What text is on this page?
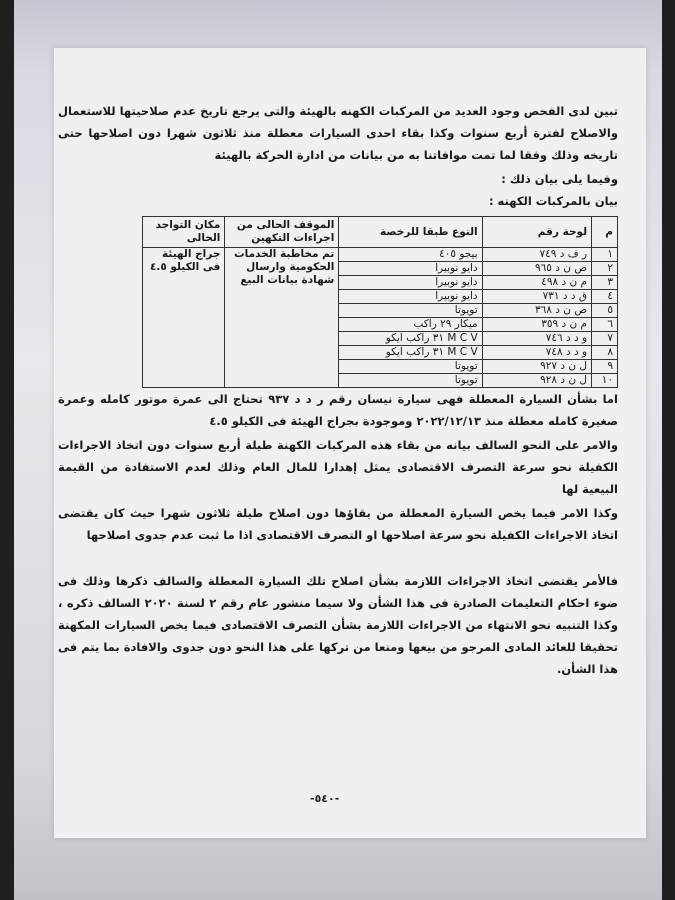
تبين لدى الفحص وجود العديد من المركبات الكهنه بالهيئة والتى يرجع تاريخ عدم صلاحيتها للاستعمال والاصلاح لفترة أربع سنوات وكذا بقاء احدى السيارات معطلة منذ ثلاثون شهرا دون اصلاحها حتى تاريخه وذلك وفقا لما تمت موافاتنا به من بيانات من ادارة الحركة بالهيئة

وفيما يلى بيان ذلك :

بيان بالمركبات الكهنه :

م	لوحة رقم	النوع طبقا للرخصة	الموقف الحالى من اجراءات التكهين	مكان التواجد الحالى
١	ر ف د ٧٤٩	بيجو ٤٠٥	تم مخاطبة الخدمات الحكومية وارسال شهادة بيانات البيع	جراج الهيئة فى الكيلو ٤.٥
٢	ص ن د ٩٦٥	دايو نوبيرا		
٣	م ن د ٤٩٨	دايو نوبيرا		
٤	ق د د ٧٣١	دايو نوبيرا		
٥	ص ن د ٣٦٨	تويوتا		
٦	م ن د ٣٥٩	ميكار ٢٩ راكب		
٧	و د د ٧٤٦	M C V ٣١ راكب ايكو		
٨	و د د ٧٤٨	M C V ٣١ راكب ايكو		
٩	ل ن د ٩٢٧	تويوتا		
١٠	ل ن د ٩٢٨	تويوتا		

اما بشأن السيارة المعطلة فهى سيارة نيسان رقم ر د د ٩٣٧ تحتاج الى عمرة موتور كامله وعمرة صغيرة كامله معطلة منذ ٢٠٢٢/١٢/١٣ وموجودة بجراج الهيئة فى الكيلو ٤.٥

والامر على النحو السالف بيانه من بقاء هذه المركبات الكهنة طيلة أربع سنوات دون اتخاذ الاجراءات الكفيلة نحو سرعة التصرف الاقتصادى يمثل إهدارا للمال العام وذلك لعدم الاستفادة من القيمة البيعية لها

وكذا الامر فيما يخص السيارة المعطلة من بقاؤها دون اصلاح طيلة ثلاثون شهرا حيث كان يقتضى اتخاذ الاجراءات الكفيلة نحو سرعة اصلاحها او التصرف الاقتصادى اذا ما ثبت عدم جدوى اصلاحها

فالأمر يقتضى اتخاذ الاجراءات اللازمة بشأن اصلاح تلك السيارة المعطلة والسالف ذكرها وذلك فى ضوء احكام التعليمات الصادرة فى هذا الشأن ولا سيما منشور عام رقم ٢ لسنة ٢٠٢٠ السالف ذكره ، وكذا التنبيه نحو الانتهاء من الاجراءات اللازمة بشأن التصرف الاقتصادى فيما يخص السيارات المكهنة تحقيقا للعائد المادى المرجو من بيعها ومنعا من تركها على هذا النحو دون جدوى والافادة بما يتم فى هذا الشأن.

-٥٤٠-
